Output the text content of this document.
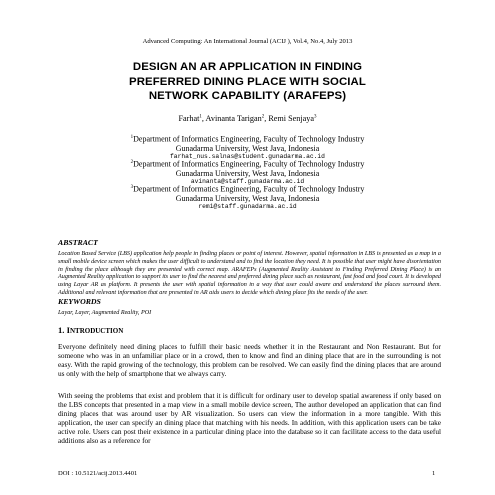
Advanced Computing: An International Journal (ACIJ ), Vol.4, No.4, July 2013
DESIGN AN AR APPLICATION IN FINDING
PREFERRED DINING PLACE WITH SOCIAL
NETWORK CAPABILITY (ARAFEPS)
Farhat$^1$, Avinanta Tarigan$^2$, Remi Senjaya$^3$
$^1$Department of Informatics Engineering, Faculty of Technology Industry
Gunadarma University, West Java, Indonesia
farhat_nus.salnas@student.gunadarma.ac.id
$^2$Department of Informatics Engineering, Faculty of Technology Industry
Gunadarma University, West Java, Indonesia
avinanta@staff.gunadarma.ac.id
$^3$Department of Informatics Engineering, Faculty of Technology Industry
Gunadarma University, West Java, Indonesia
remi@staff.gunadarma.ac.id
ABSTRACT
Location Based Service (LBS) application help people in finding places or point of interest. However, spatial information in LBS is presented as a map in a small mobile device screen which makes the user difficult to understand and to find the location they need. It is possible that user might have disorientation in finding the place although they are presented with correct map. ARAFEPs (Augmented Reality Assistant to Finding Preferred Dining Place) is an Augmented Reality application to support its user to find the nearest and preferred dining place such as restaurant, fast food and food court. It is developed using Layar AR as platform. It presents the user with spatial information in a way that user could aware and understand the places surround them. Additional and relevant information that are presented in AR aids users to decide which dining place fits the needs of the user.
KEYWORDS
Layar, Layer, Augmented Reality, POI
1. INTRODUCTION
Everyone definitely need dining places to fulfill their basic needs whether it in the Restaurant and Non Restaurant. But for someone who was in an unfamiliar place or in a crowd, then to know and find an dining place that are in the surrounding is not easy. With the rapid growing of the technology, this problem can be resolved. We can easily find the dining places that are around us only with the help of smartphone that we always carry.
With seeing the problems that exist and problem that it is difficult for ordinary user to develop spatial awareness if only based on the LBS concepts that presented in a map view in a small mobile device screen, The author developed an application that can find dining places that was around user by AR visualization. So users can view the information in a more tangible. With this application, the user can specify an dining place that matching with his needs. In addition, with this application users can be take active role. Users can post their existence in a particular dining place into the database so it can facilitate access to the data useful additions also as a reference for
DOI : 10.5121/acij.2013.4401	1
